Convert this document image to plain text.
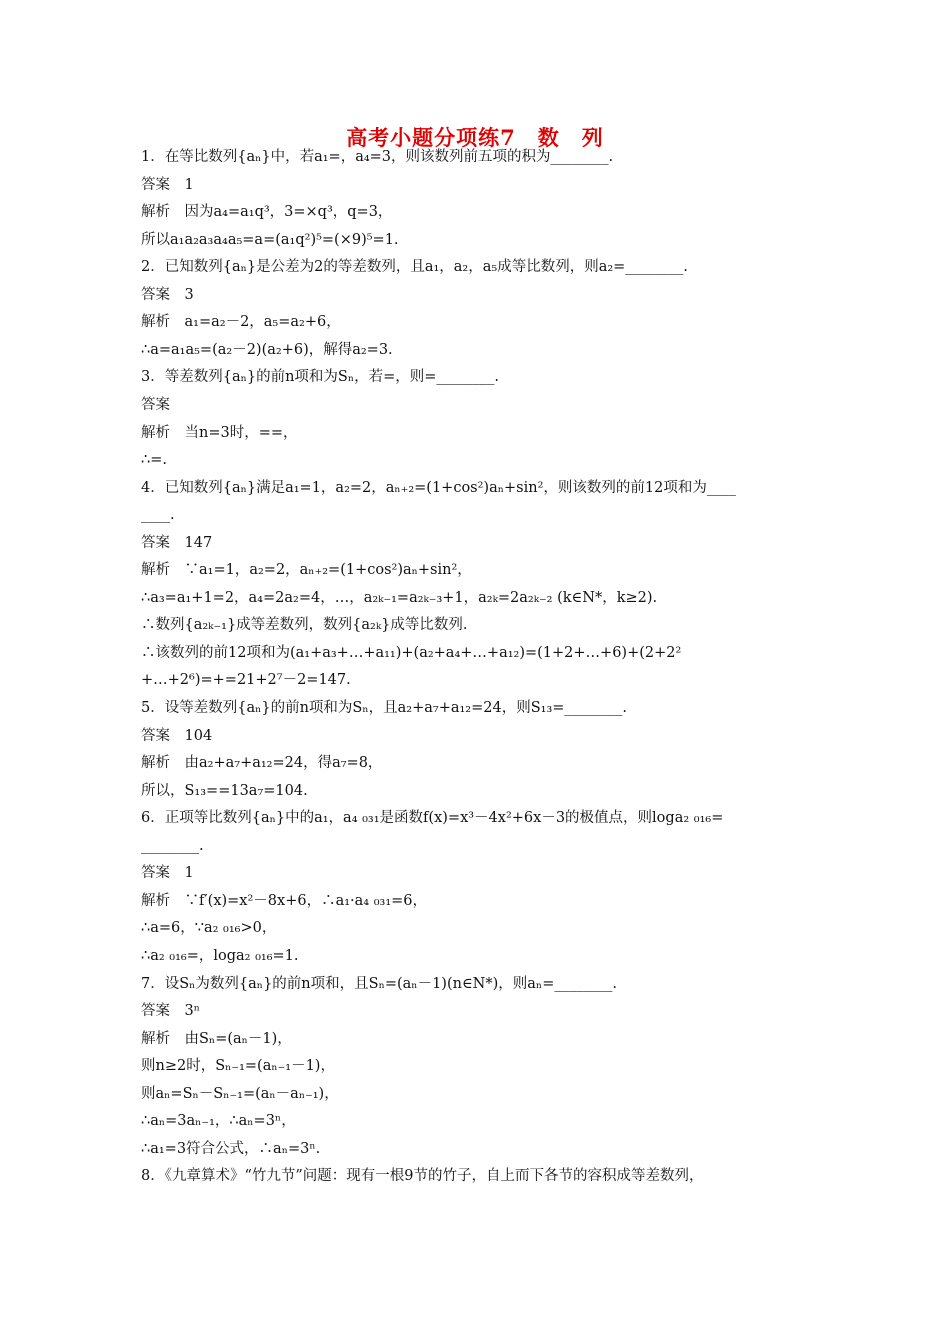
高考小题分项练7　数　列
1．在等比数列{aₙ}中，若a₁=，a₄=3，则该数列前五项的积为________.
答案　1
解析　因为a₄=a₁q³，3=×q³，q=3，
所以a₁a₂a₃a₄a₅=a=(a₁q²)⁵=(×9)⁵=1.
2．已知数列{aₙ}是公差为2的等差数列，且a₁，a₂，a₅成等比数列，则a₂=________.
答案　3
解析　a₁=a₂－2，a₅=a₂+6，
∴a=a₁a₅=(a₂－2)(a₂+6)，解得a₂=3.
3．等差数列{aₙ}的前n项和为Sₙ，若=，则=________.
答案
解析　当n=3时，==，
∴=.
4．已知数列{aₙ}满足a₁=1，a₂=2，aₙ₊₂=(1+cos²)aₙ+sin²，则该数列的前12项和为____
____.
答案　147
解析　∵a₁=1，a₂=2，aₙ₊₂=(1+cos²)aₙ+sin²，
∴a₃=a₁+1=2，a₄=2a₂=4，…，a₂ₖ₋₁=a₂ₖ₋₃+1，a₂ₖ=2a₂ₖ₋₂ (k∈N*，k≥2).
∴数列{a₂ₖ₋₁}成等差数列，数列{a₂ₖ}成等比数列.
∴该数列的前12项和为(a₁+a₃+…+a₁₁)+(a₂+a₄+…+a₁₂)=(1+2+…+6)+(2+2²
+…+2⁶)=+=21+2⁷－2=147.
5．设等差数列{aₙ}的前n项和为Sₙ，且a₂+a₇+a₁₂=24，则S₁₃=________.
答案　104
解析　由a₂+a₇+a₁₂=24，得a₇=8，
所以，S₁₃==13a₇=104.
6．正项等比数列{aₙ}中的a₁，a₄ ₀₃₁是函数f(x)=x³－4x²+6x－3的极值点，则loga₂ ₀₁₆=
________.
答案　1
解析　∵f′(x)=x²－8x+6，∴a₁·a₄ ₀₃₁=6，
∴a=6，∵a₂ ₀₁₆>0，
∴a₂ ₀₁₆=，loga₂ ₀₁₆=1.
7．设Sₙ为数列{aₙ}的前n项和，且Sₙ=(aₙ－1)(n∈N*)，则aₙ=________.
答案　3ⁿ
解析　由Sₙ=(aₙ－1)，
则n≥2时，Sₙ₋₁=(aₙ₋₁－1)，
则aₙ=Sₙ－Sₙ₋₁=(aₙ－aₙ₋₁)，
∴aₙ=3aₙ₋₁，∴aₙ=3ⁿ，
∴a₁=3符合公式，∴aₙ=3ⁿ.
8．《九章算术》“竹九节”问题：现有一根9节的竹子，自上而下各节的容积成等差数列，
